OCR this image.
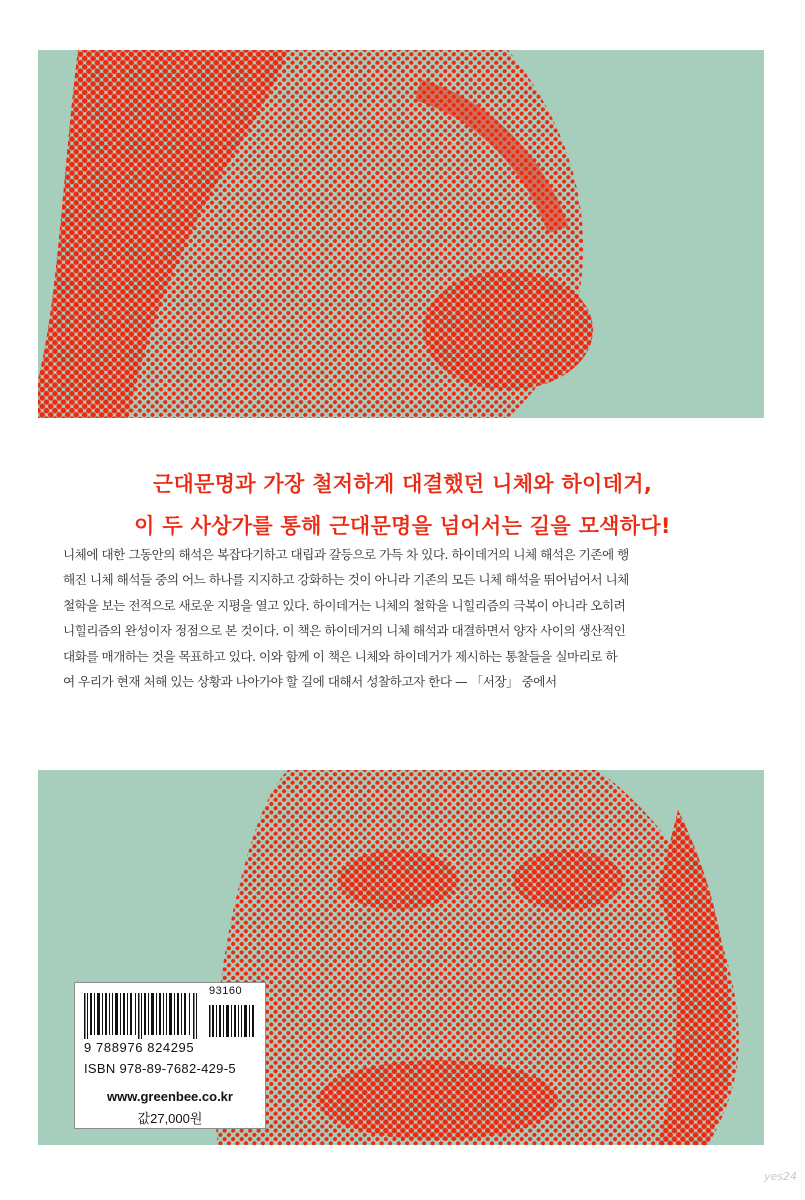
근대문명과 가장 철저하게 대결했던 니체와 하이데거,
이 두 사상가를 통해 근대문명을 넘어서는 길을 모색하다!
니체에 대한 그동안의 해석은 복잡다기하고 대립과 갈등으로 가득 차 있다. 하이데거의 니체 해석은 기존에 행
해진 니체 해석들 중의 어느 하나를 지지하고 강화하는 것이 아니라 기존의 모든 니체 해석을 뛰어넘어서 니체
철학을 보는 전적으로 새로운 지평을 열고 있다. 하이데거는 니체의 철학을 니힐리즘의 극복이 아니라 오히려
니힐리즘의 완성이자 정점으로 본 것이다. 이 책은 하이데거의 니체 해석과 대결하면서 양자 사이의 생산적인
대화를 매개하는 것을 목표하고 있다. 이와 함께 이 책은 니체와 하이데거가 제시하는 통찰들을 실마리로 하
여 우리가 현재 처해 있는 상황과 나아가야 할 길에 대해서 성찰하고자 한다 — 「서장」 중에서
93160
9 788976 824295
ISBN 978-89-7682-429-5
www.greenbee.co.kr
값27,000원
yes24
